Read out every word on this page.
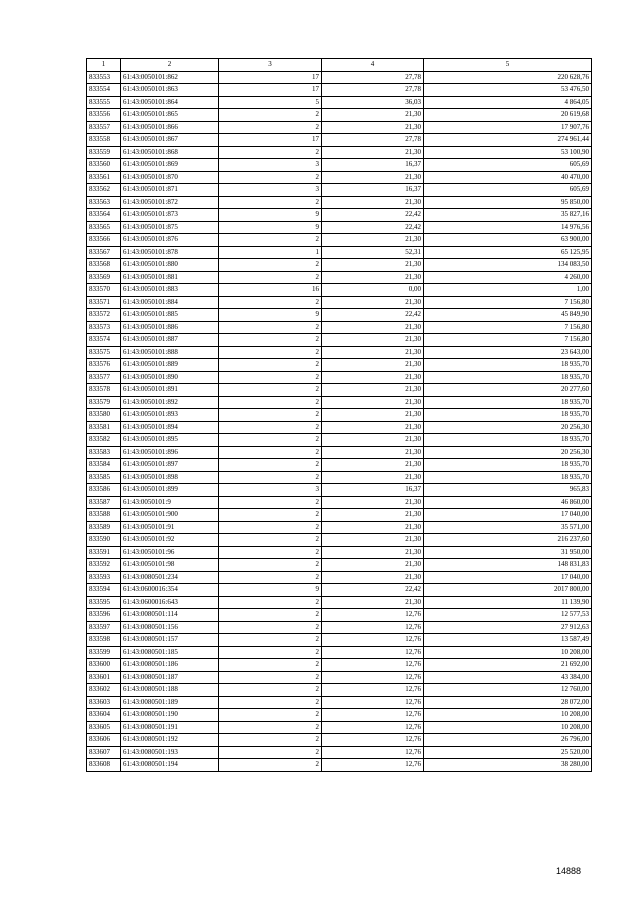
1	2	3	4	5
833553	61:43:0050101:862	17	27,78	220 628,76
833554	61:43:0050101:863	17	27,78	53 476,50
833555	61:43:0050101:864	5	36,03	4 864,05
833556	61:43:0050101:865	2	21,30	20 619,68
833557	61:43:0050101:866	2	21,30	17 907,76
833558	61:43:0050101:867	17	27,78	274 961,44
833559	61:43:0050101:868	2	21,30	53 100,90
833560	61:43:0050101:869	3	16,37	605,69
833561	61:43:0050101:870	2	21,30	40 470,00
833562	61:43:0050101:871	3	16,37	605,69
833563	61:43:0050101:872	2	21,30	95 850,00
833564	61:43:0050101:873	9	22,42	35 827,16
833565	61:43:0050101:875	9	22,42	14 976,56
833566	61:43:0050101:876	2	21,30	63 900,00
833567	61:43:0050101:878	1	52,31	65 125,95
833568	61:43:0050101:880	2	21,30	134 083,50
833569	61:43:0050101:881	2	21,30	4 260,00
833570	61:43:0050101:883	16	0,00	1,00
833571	61:43:0050101:884	2	21,30	7 156,80
833572	61:43:0050101:885	9	22,42	45 849,90
833573	61:43:0050101:886	2	21,30	7 156,80
833574	61:43:0050101:887	2	21,30	7 156,80
833575	61:43:0050101:888	2	21,30	23 643,00
833576	61:43:0050101:889	2	21,30	18 935,70
833577	61:43:0050101:890	2	21,30	18 935,70
833578	61:43:0050101:891	2	21,30	20 277,60
833579	61:43:0050101:892	2	21,30	18 935,70
833580	61:43:0050101:893	2	21,30	18 935,70
833581	61:43:0050101:894	2	21,30	20 256,30
833582	61:43:0050101:895	2	21,30	18 935,70
833583	61:43:0050101:896	2	21,30	20 256,30
833584	61:43:0050101:897	2	21,30	18 935,70
833585	61:43:0050101:898	2	21,30	18 935,70
833586	61:43:0050101:899	3	16,37	965,83
833587	61:43:0050101:9	2	21,30	46 860,00
833588	61:43:0050101:900	2	21,30	17 040,00
833589	61:43:0050101:91	2	21,30	35 571,00
833590	61:43:0050101:92	2	21,30	216 237,60
833591	61:43:0050101:96	2	21,30	31 950,00
833592	61:43:0050101:98	2	21,30	148 831,83
833593	61:43:0080501:234	2	21,30	17 040,00
833594	61:43:0600016:354	9	22,42	2017 800,00
833595	61:43:0600016:643	2	21,30	11 139,90
833596	61:43:0080501:114	2	12,76	12 577,53
833597	61:43:0080501:156	2	12,76	27 912,63
833598	61:43:0080501:157	2	12,76	13 587,49
833599	61:43:0080501:185	2	12,76	10 208,00
833600	61:43:0080501:186	2	12,76	21 692,00
833601	61:43:0080501:187	2	12,76	43 384,00
833602	61:43:0080501:188	2	12,76	12 760,00
833603	61:43:0080501:189	2	12,76	28 072,00
833604	61:43:0080501:190	2	12,76	10 208,00
833605	61:43:0080501:191	2	12,76	10 208,00
833606	61:43:0080501:192	2	12,76	26 796,00
833607	61:43:0080501:193	2	12,76	25 520,00
833608	61:43:0080501:194	2	12,76	38 280,00
14888
